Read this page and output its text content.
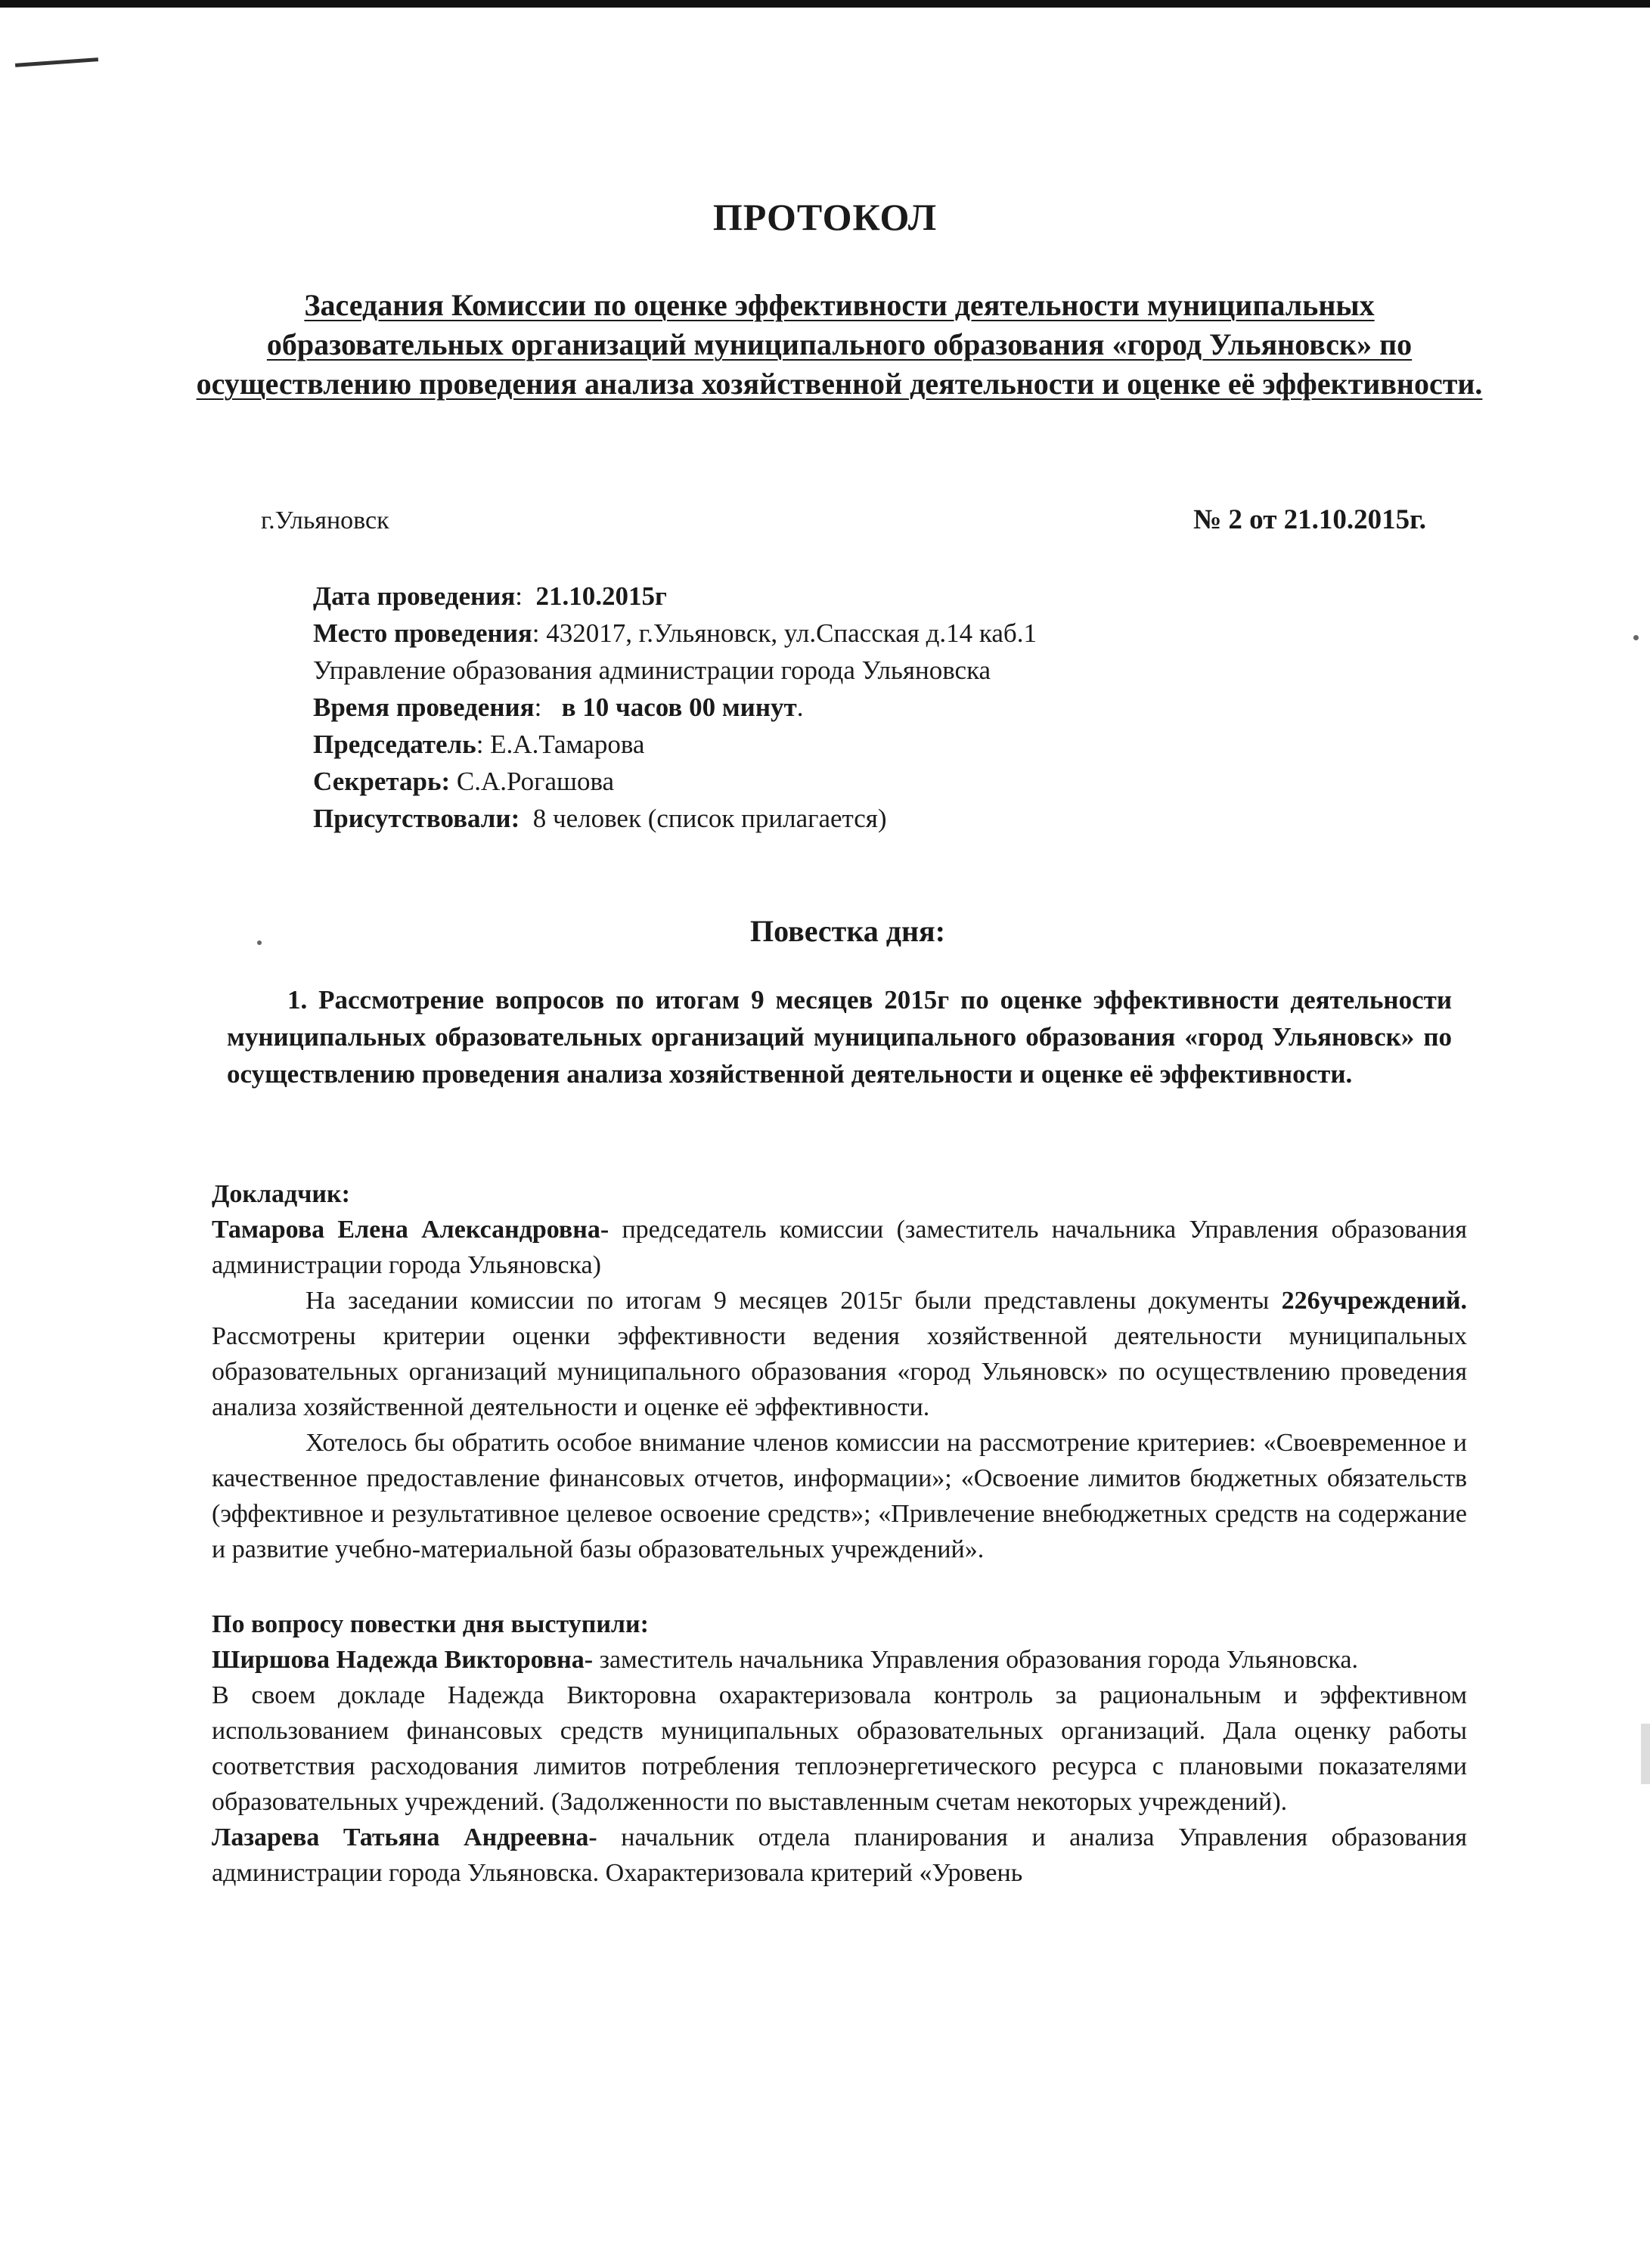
ПРОТОКОЛ
Заседания Комиссии по оценке эффективности деятельности муниципальных образовательных организаций муниципального образования «город Ульяновск» по осуществлению проведения анализа хозяйственной деятельности и оценке её эффективности.
г.Ульяновск	№ 2 от 21.10.2015г.
Дата проведения:  21.10.2015г
Место проведения: 432017, г.Ульяновск, ул.Спасская д.14 каб.1
Управление образования администрации города Ульяновска
Время проведения:   в 10 часов 00 минут.
Председатель: Е.А.Тамарова
Секретарь: С.А.Рогашова
Присутствовали: 8 человек (список прилагается)
Повестка дня:
1. Рассмотрение вопросов по итогам 9 месяцев 2015г по оценке эффективности деятельности муниципальных образовательных организаций муниципального образования «город Ульяновск» по осуществлению проведения анализа хозяйственной деятельности и оценке её эффективности.

Докладчик:

Тамарова Елена Александровна- председатель комиссии (заместитель начальника Управления образования администрации города Ульяновска)

На заседании комиссии по итогам 9 месяцев 2015г были представлены документы 226учреждений. Рассмотрены критерии оценки эффективности ведения хозяйственной деятельности муниципальных образовательных организаций муниципального образования «город Ульяновск» по осуществлению проведения анализа хозяйственной деятельности и оценке её эффективности.

Хотелось бы обратить особое внимание членов комиссии на рассмотрение критериев: «Своевременное и качественное предоставление финансовых отчетов, информации»; «Освоение лимитов бюджетных обязательств (эффективное и результативное целевое освоение средств»; «Привлечение внебюджетных средств на содержание и развитие учебно-материальной базы образовательных учреждений».

По вопросу повестки дня выступили:

Ширшова Надежда Викторовна- заместитель начальника Управления образования города Ульяновска.

В своем докладе Надежда Викторовна охарактеризовала контроль за рациональным и эффективном использованием финансовых средств муниципальных образовательных организаций. Дала оценку работы соответствия расходования лимитов потребления теплоэнергетического ресурса с плановыми показателями образовательных учреждений. (Задолженности по выставленным счетам некоторых учреждений).

Лазарева Татьяна Андреевна- начальник отдела планирования и анализа Управления образования администрации города Ульяновска. Охарактеризовала критерий «Уровень
